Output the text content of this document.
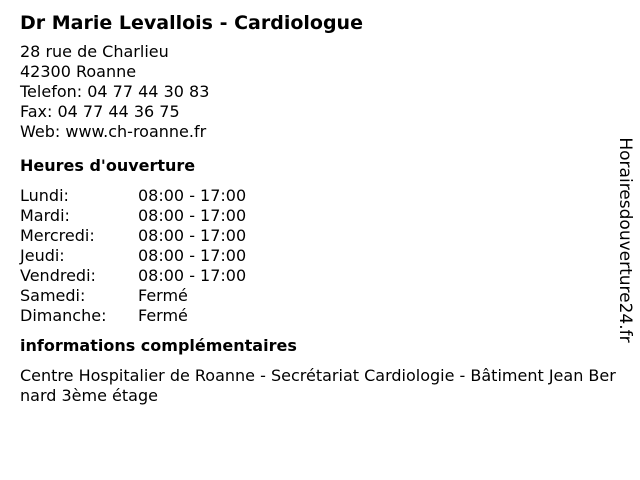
Dr Marie Levallois - Cardiologue
28 rue de Charlieu
42300 Roanne
Telefon: 04 77 44 30 83
Fax: 04 77 44 36 75
Web: www.ch-roanne.fr
Heures d'ouverture
Lundi:	08:00 - 17:00
Mardi:	08:00 - 17:00
Mercredi:	08:00 - 17:00
Jeudi:	08:00 - 17:00
Vendredi:	08:00 - 17:00
Samedi:	Fermé
Dimanche:	Fermé
informations complémentaires
Centre Hospitalier de Roanne - Secrétariat Cardiologie - Bâtiment Jean Bernard 3ème étage
Horairesdouverture24.fr
